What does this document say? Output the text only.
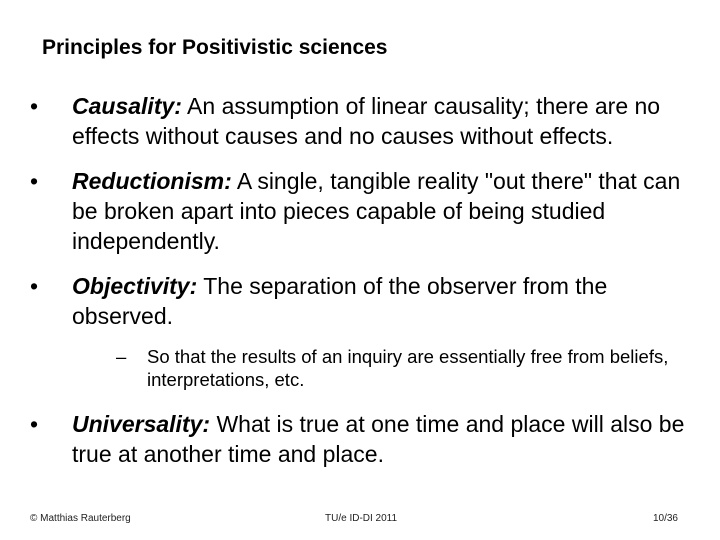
Principles for Positivistic sciences
•	Causality: An assumption of linear causality; there are no effects without causes and no causes without effects.
•	Reductionism: A single, tangible reality "out there" that can be broken apart into pieces capable of being studied independently.
•	Objectivity: The separation of the observer from the observed.
– So that the results of an inquiry are essentially free from beliefs, interpretations, etc.
•	Universality: What is true at one time and place will also be true at another time and place.
© Matthias Rauterberg	TU/e ID-DI 2011	10/36
